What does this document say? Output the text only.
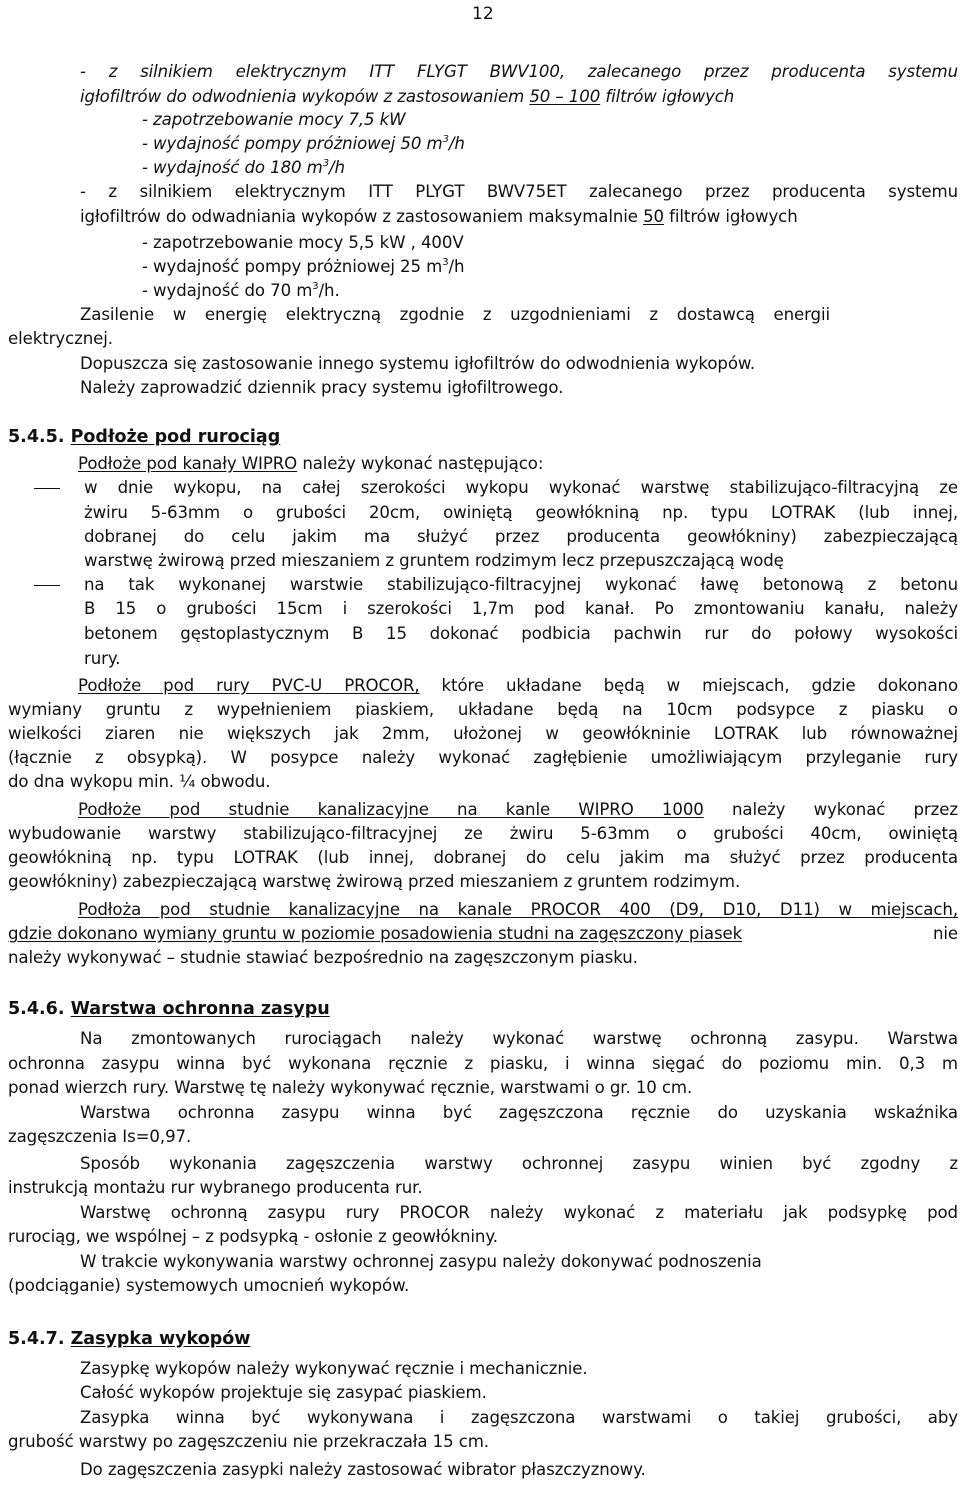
12
- z silnikiem elektrycznym ITT FLYGT BWV100, zalecanego przez producenta systemu
igłofiltrów do odwodnienia wykopów z zastosowaniem 50 – 100 filtrów igłowych
- zapotrzebowanie mocy 7,5 kW
- wydajność pompy próżniowej 50 $m^3/h$
- wydajność do 180 $m^3/h$
- z silnikiem elektrycznym ITT PLYGT BWV75ET zalecanego przez producenta systemu
igłofiltrów do odwadniania wykopów z zastosowaniem maksymalnie 50 filtrów igłowych
- zapotrzebowanie mocy 5,5 kW , 400V
- wydajność pompy próżniowej 25 $m^3/h$
- wydajność do 70 $m^3/h$.
Zasilenie w energię elektryczną zgodnie z uzgodnieniami z dostawcą energii
elektrycznej.
Dopuszcza się zastosowanie innego systemu igłofiltrów do odwodnienia wykopów.
Należy zaprowadzić dziennik pracy systemu igłofiltrowego.
5.4.5. Podłoże pod rurociąg
Podłoże pod kanały WIPRO należy wykonać następująco:
w dnie wykopu, na całej szerokości wykopu wykonać warstwę stabilizująco-filtracyjną ze
żwiru 5-63mm o grubości 20cm, owiniętą geowłókniną np. typu LOTRAK (lub innej,
dobranej do celu jakim ma służyć przez producenta geowłókniny) zabezpieczającą
warstwę żwirową przed mieszaniem z gruntem rodzimym lecz przepuszczającą wodę
na tak wykonanej warstwie stabilizująco-filtracyjnej wykonać ławę betonową z betonu
B 15 o grubości 15cm i szerokości 1,7m pod kanał. Po zmontowaniu kanału, należy
betonem gęstoplastycznym B 15 dokonać podbicia pachwin rur do połowy wysokości
rury.
Podłoże pod rury PVC-U PROCOR, które układane będą w miejscach, gdzie dokonano
wymiany gruntu z wypełnieniem piaskiem, układane będą na 10cm podsypce z piasku o
wielkości ziaren nie większych jak 2mm, ułożonej w geowłókninie LOTRAK lub równoważnej
(łącznie z obsypką). W posypce należy wykonać zagłębienie umożliwiającym przyleganie rury
do dna wykopu min. ¼ obwodu.
Podłoże pod studnie kanalizacyjne na kanle WIPRO 1000 należy wykonać przez
wybudowanie warstwy stabilizująco-filtracyjnej ze żwiru 5-63mm o grubości 40cm, owiniętą
geowłókniną np. typu LOTRAK (lub innej, dobranej do celu jakim ma służyć przez producenta
geowłókniny) zabezpieczającą warstwę żwirową przed mieszaniem z gruntem rodzimym.
Podłoża pod studnie kanalizacyjne na kanale PROCOR 400 (D9, D10, D11) w miejscach,
gdzie dokonano wymiany gruntu w poziomie posadowienia studni na zagęszczony piasek	nie
należy wykonywać – studnie stawiać bezpośrednio na zagęszczonym piasku.
5.4.6. Warstwa ochronna zasypu
Na zmontowanych rurociągach należy wykonać warstwę ochronną zasypu. Warstwa
ochronna zasypu winna być wykonana ręcznie z piasku, i winna sięgać do poziomu min. 0,3 m
ponad wierzch rury. Warstwę tę należy wykonywać ręcznie, warstwami o gr. 10 cm.
Warstwa ochronna zasypu winna być zagęszczona ręcznie do uzyskania wskaźnika
zagęszczenia Is=0,97.
Sposób wykonania zagęszczenia warstwy ochronnej zasypu winien być zgodny z
instrukcją montażu rur wybranego producenta rur.
Warstwę ochronną zasypu rury PROCOR należy wykonać z materiału jak podsypkę pod
rurociąg, we wspólnej – z podsypką - osłonie z geowłókniny.
W trakcie wykonywania warstwy ochronnej zasypu należy dokonywać podnoszenia
(podciąganie) systemowych umocnień wykopów.
5.4.7. Zasypka wykopów
Zasypkę wykopów należy wykonywać ręcznie i mechanicznie.
Całość wykopów projektuje się zasypać piaskiem.
Zasypka winna być wykonywana i zagęszczona warstwami o takiej grubości, aby
grubość warstwy po zagęszczeniu nie przekraczała 15 cm.
Do zagęszczenia zasypki należy zastosować wibrator płaszczyznowy.
